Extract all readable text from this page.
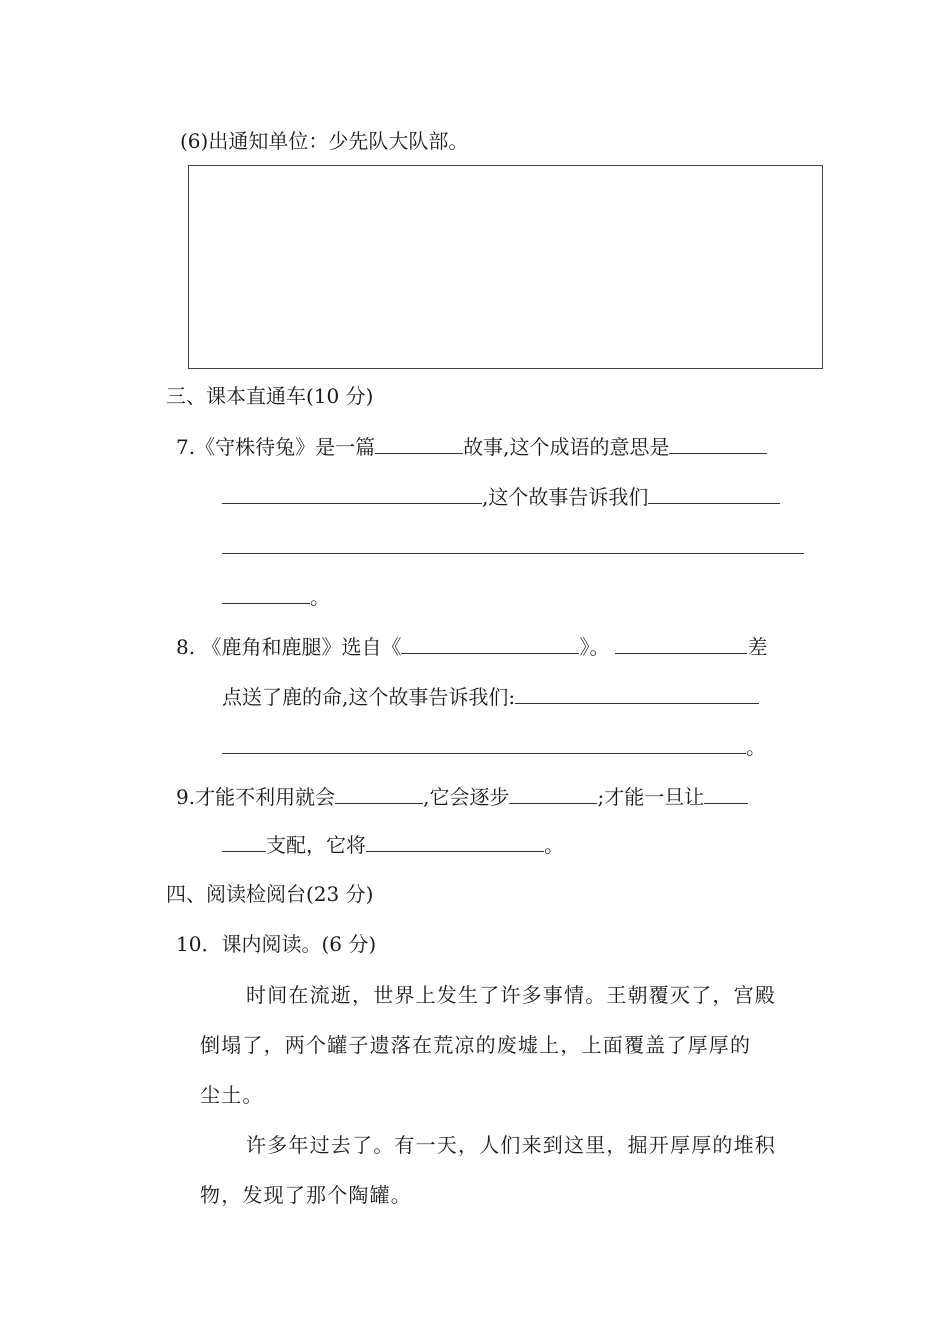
(6)出通知单位：少先队大队部。
三、课本直通车(10 分)
7.《守株待兔》是一篇	故事,这个成语的意思是
,这个故事告诉我们
。
8. 《鹿角和鹿腿》选自《	》。	差
点送了鹿的命,这个故事告诉我们:
。
9.才能不利用就会	,它会逐步	;才能一旦让
支配，它将	。
四、阅读检阅台(23 分)
10．课内阅读。(6 分)
时间在流逝，世界上发生了许多事情。王朝覆灭了，宫殿
倒塌了，两个罐子遗落在荒凉的废墟上，上面覆盖了厚厚的
尘土。
许多年过去了。有一天，人们来到这里，掘开厚厚的堆积
物，发现了那个陶罐。
